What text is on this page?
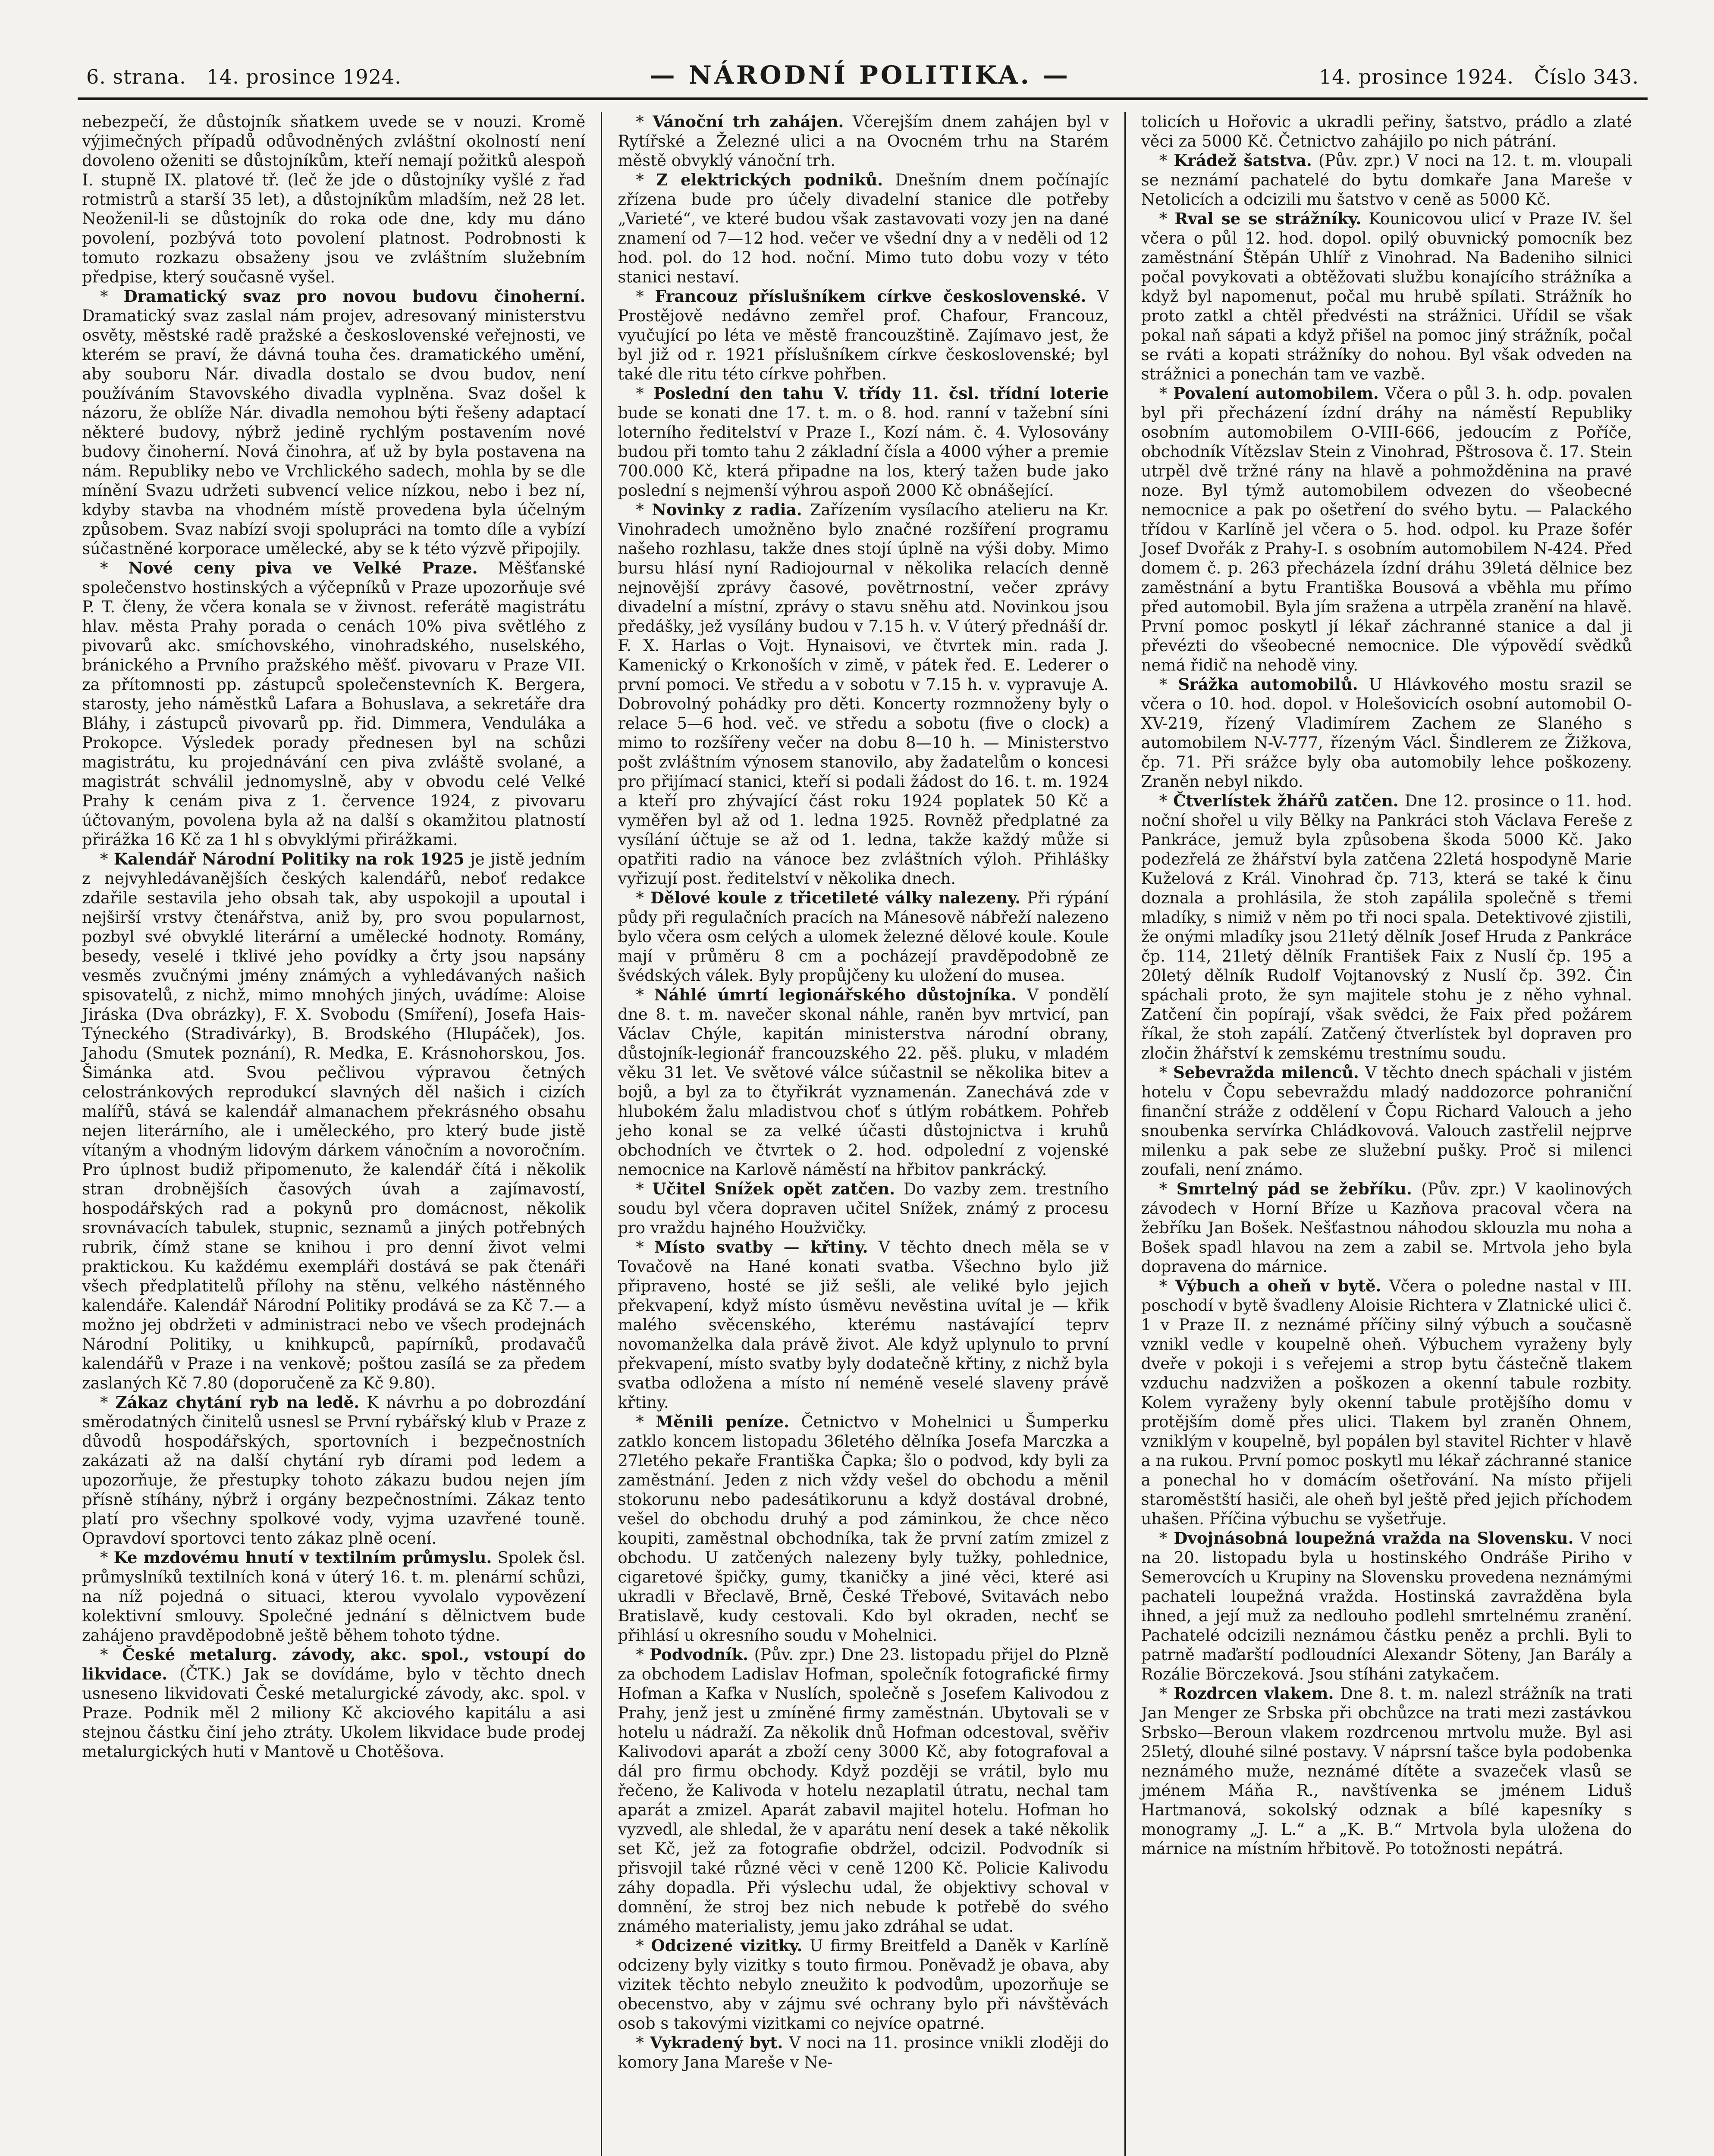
6. strana. 14. prosince 1924.	— NÁRODNÍ POLITIKA. —	14. prosince 1924. Číslo 343.

nebezpečí, že důstojník sňatkem uvede se v nouzi. Kromě výjimečných případů odůvodněných zvláštní okolností není dovoleno oženiti se důstojníkům, kteří nemají požitků alespoň I. stupně IX. platové tř. (leč že jde o důstojníky vyšlé z řad rotmistrů a starší 35 let), a důstojníkům mladším, než 28 let. Neoženil-li se důstojník do roka ode dne, kdy mu dáno povolení, pozbývá toto povolení platnost. Podrobnosti k tomuto rozkazu obsaženy jsou ve zvláštním služebním předpise, který současně vyšel.

* Dramatický svaz pro novou budovu činoherní. Dramatický svaz zaslal nám projev, adresovaný ministerstvu osvěty, městské radě pražské a československé veřejnosti, ve kterém se praví, že dávná touha čes. dramatického umění, aby souboru Nár. divadla dostalo se dvou budov, není používáním Stavovského divadla vyplněna. Svaz došel k názoru, že oblíže Nár. divadla nemohou býti řešeny adaptací některé budovy, nýbrž jedině rychlým postavením nové budovy činoherní. Nová činohra, ať už by byla postavena na nám. Republiky nebo ve Vrchlického sadech, mohla by se dle mínění Svazu udržeti subvencí velice nízkou, nebo i bez ní, kdyby stavba na vhodném místě provedena byla účelným způsobem. Svaz nabízí svoji spolupráci na tomto díle a vybízí súčastněné korporace umělecké, aby se k této výzvě připojily.

* Nové ceny piva ve Velké Praze. Měšťanské společenstvo hostinských a výčepníků v Praze upozorňuje své P. T. členy, že včera konala se v živnost. referátě magistrátu hlav. města Prahy porada o cenách 10% piva světlého z pivovarů akc. smíchovského, vinohradského, nuselského, bránického a Prvního pražského měšť. pivovaru v Praze VII. za přítomnosti pp. zástupců společenstevních K. Bergera, starosty, jeho náměstků Lafara a Bohuslava, a sekretáře dra Bláhy, i zástupců pivovarů pp. řid. Dimmera, Venduláka a Prokopce. Výsledek porady přednesen byl na schůzi magistrátu, ku projednávání cen piva zvláště svolané, a magistrát schválil jednomyslně, aby v obvodu celé Velké Prahy k cenám piva z 1. července 1924, z pivovaru účtovaným, povolena byla až na další s okamžitou platností přirážka 16 Kč za 1 hl s obvyklými přirážkami.

* Kalendář Národní Politiky na rok 1925 je jistě jedním z nejvyhledávanějších českých kalendářů, neboť redakce zdařile sestavila jeho obsah tak, aby uspokojil a upoutal i nejširší vrstvy čtenářstva, aniž by, pro svou popularnost, pozbyl své obvyklé literární a umělecké hodnoty. Romány, besedy, veselé i tklivé jeho povídky a črty jsou napsány vesměs zvučnými jmény známých a vyhledávaných našich spisovatelů, z nichž, mimo mnohých jiných, uvádíme: Aloise Jiráska (Dva obrázky), F. X. Svobodu (Smíření), Josefa Hais-Týneckého (Stradivárky), B. Brodského (Hlupáček), Jos. Jahodu (Smutek poznání), R. Medka, E. Krásnohorskou, Jos. Šimánka atd. Svou pečlivou výpravou četných celostránkových reprodukcí slavných děl našich i cizích malířů, stává se kalendář almanachem překrásného obsahu nejen literárního, ale i uměleckého, pro který bude jistě vítaným a vhodným lidovým dárkem vánočním a novoročním. Pro úplnost budiž připomenuto, že kalendář čítá i několik stran drobnějších časových úvah a zajímavostí, hospodářských rad a pokynů pro domácnost, několik srovnávacích tabulek, stupnic, seznamů a jiných potřebných rubrik, čímž stane se knihou i pro denní život velmi praktickou. Ku každému exempláři dostává se pak čtenáři všech předplatitelů přílohy na stěnu, velkého nástěnného kalendáře. Kalendář Národní Politiky prodává se za Kč 7.— a možno jej obdržeti v administraci nebo ve všech prodejnách Národní Politiky, u knihkupců, papírníků, prodavačů kalendářů v Praze i na venkově; poštou zasílá se za předem zaslaných Kč 7.80 (doporučeně za Kč 9.80).

* Zákaz chytání ryb na ledě. K návrhu a po dobrozdání směrodatných činitelů usnesl se První rybářský klub v Praze z důvodů hospodářských, sportovních i bezpečnostních zakázati až na další chytání ryb dírami pod ledem a upozorňuje, že přestupky tohoto zákazu budou nejen jím přísně stíhány, nýbrž i orgány bezpečnostními. Zákaz tento platí pro všechny spolkové vody, vyjma uzavřené touně. Opravdoví sportovci tento zákaz plně ocení.

* Ke mzdovému hnutí v textilním průmyslu. Spolek čsl. průmyslníků textilních koná v úterý 16. t. m. plenární schůzi, na níž pojedná o situaci, kterou vyvolalo vypovězení kolektivní smlouvy. Společné jednání s dělnictvem bude zahájeno pravděpodobně ještě během tohoto týdne.

* České metalurg. závody, akc. spol., vstoupí do likvidace. (ČTK.) Jak se dovídáme, bylo v těchto dnech usneseno likvidovati České metalurgické závody, akc. spol. v Praze. Podnik měl 2 miliony Kč akciového kapitálu a asi stejnou částku činí jeho ztráty. Ukolem likvidace bude prodej metalurgických huti v Mantově u Chotěšova.

* Vánoční trh zahájen. Včerejším dnem zahájen byl v Rytířské a Železné ulici a na Ovocném trhu na Starém městě obvyklý vánoční trh.

* Z elektrických podniků. Dnešním dnem počínajíc zřízena bude pro účely divadelní stanice dle potřeby „Varieté“, ve které budou však zastavovati vozy jen na dané znamení od 7—12 hod. večer ve všední dny a v neděli od 12 hod. pol. do 12 hod. noční. Mimo tuto dobu vozy v této stanici nestaví.

* Francouz příslušníkem církve československé. V Prostějově nedávno zemřel prof. Chafour, Francouz, vyučující po léta ve městě francouzštině. Zajímavo jest, že byl již od r. 1921 příslušníkem církve československé; byl také dle ritu této církve pohřben.

* Poslední den tahu V. třídy 11. čsl. třídní loterie bude se konati dne 17. t. m. o 8. hod. ranní v tažební síni loterního ředitelství v Praze I., Kozí nám. č. 4. Vylosovány budou při tomto tahu 2 základní čísla a 4000 výher a premie 700.000 Kč, která připadne na los, který tažen bude jako poslední s nejmenší výhrou aspoň 2000 Kč obnášející.

* Novinky z radia. Zařízením vysílacího atelieru na Kr. Vinohradech umožněno bylo značné rozšíření programu našeho rozhlasu, takže dnes stojí úplně na výši doby. Mimo bursu hlásí nyní Radiojournal v několika relacích denně nejnovější zprávy časové, povětrnostní, večer zprávy divadelní a místní, zprávy o stavu sněhu atd. Novinkou jsou předášky, jež vysílány budou v 7.15 h. v. V úterý přednáší dr. F. X. Harlas o Vojt. Hynaisovi, ve čtvrtek min. rada J. Kamenický o Krkonoších v zimě, v pátek řed. E. Lederer o první pomoci. Ve středu a v sobotu v 7.15 h. v. vypravuje A. Dobrovolný pohádky pro děti. Koncerty rozmnoženy byly o relace 5—6 hod. več. ve středu a sobotu (five o clock) a mimo to rozšířeny večer na dobu 8—10 h. — Ministerstvo pošt zvláštním výnosem stanovilo, aby žadatelům o koncesi pro přijímací stanici, kteří si podali žádost do 16. t. m. 1924 a kteří pro zhývající část roku 1924 poplatek 50 Kč a vyměřen byl až od 1. ledna 1925. Rovněž předplatné za vysílání účtuje se až od 1. ledna, takže každý může si opatřiti radio na vánoce bez zvláštních výloh. Přihlášky vyřizují post. ředitelství v několika dnech.

* Dělové koule z třicetileté války nalezeny. Při rýpání půdy při regulačních pracích na Mánesově nábřeží nalezeno bylo včera osm celých a ulomek železné dělové koule. Koule mají v průměru 8 cm a pocházejí pravděpodobně ze švédských válek. Byly propůjčeny ku uložení do musea.

* Náhlé úmrtí legionářského důstojníka. V pondělí dne 8. t. m. navečer skonal náhle, raněn byv mrtvicí, pan Václav Chýle, kapitán ministerstva národní obrany, důstojník-legionář francouzského 22. pěš. pluku, v mladém věku 31 let. Ve světové válce súčastnil se několika bitev a bojů, a byl za to čtyřikrát vyznamenán. Zanechává zde v hlubokém žalu mladistvou choť s útlým robátkem. Pohřeb jeho konal se za velké účasti důstojnictva i kruhů obchodních ve čtvrtek o 2. hod. odpolední z vojenské nemocnice na Karlově náměstí na hřbitov pankrácký.

* Učitel Snížek opět zatčen. Do vazby zem. trestního soudu byl včera dopraven učitel Snížek, známý z procesu pro vraždu hajného Houžvičky.

* Místo svatby — křtiny. V těchto dnech měla se v Tovačově na Hané konati svatba. Všechno bylo již připraveno, hosté se již sešli, ale veliké bylo jejich překvapení, když místo úsměvu nevěstina uvítal je — křik malého svěcenského, kterému nastávající teprv novomanželka dala právě život. Ale když uplynulo to první překvapení, místo svatby byly dodatečně křtiny, z nichž byla svatba odložena a místo ní neméně veselé slaveny právě křtiny.

* Měnili peníze. Četnictvo v Mohelnici u Šumperku zatklo koncem listopadu 36letého dělníka Josefa Marczka a 27letého pekaře Františka Čapka; šlo o podvod, kdy byli za zaměstnání. Jeden z nich vždy vešel do obchodu a měnil stokorunu nebo padesátikorunu a když dostával drobné, vešel do obchodu druhý a pod záminkou, že chce něco koupiti, zaměstnal obchodníka, tak že první zatím zmizel z obchodu. U zatčených nalezeny byly tužky, pohlednice, cigaretové špičky, gumy, tkaničky a jiné věci, které asi ukradli v Břeclavě, Brně, České Třebové, Svitavách nebo Bratislavě, kudy cestovali. Kdo byl okraden, nechť se přihlásí u okresního soudu v Mohelnici.

* Podvodník. (Pův. zpr.) Dne 23. listopadu přijel do Plzně za obchodem Ladislav Hofman, společník fotografické firmy Hofman a Kafka v Nuslích, společně s Josefem Kalivodou z Prahy, jenž jest u zmíněné firmy zaměstnán. Ubytovali se v hotelu u nádraží. Za několik dnů Hofman odcestoval, svěřiv Kalivodovi aparát a zboží ceny 3000 Kč, aby fotografoval a dál pro firmu obchody. Když později se vrátil, bylo mu řečeno, že Kalivoda v hotelu nezaplatil útratu, nechal tam aparát a zmizel. Aparát zabavil majitel hotelu. Hofman ho vyzvedl, ale shledal, že v aparátu není desek a také několik set Kč, jež za fotografie obdržel, odcizil. Podvodník si přisvojil také různé věci v ceně 1200 Kč. Policie Kalivodu záhy dopadla. Při výslechu udal, že objektivy schoval v domnění, že stroj bez nich nebude k potřebě do svého známého materialisty, jemu jako zdráhal se udat.

* Odcizené vizitky. U firmy Breitfeld a Daněk v Karlíně odcizeny byly vizitky s touto firmou. Poněvadž je obava, aby vizitek těchto nebylo zneužito k podvodům, upozorňuje se obecenstvo, aby v zájmu své ochrany bylo při návštěvách osob s takovými vizitkami co nejvíce opatrné.

* Vykradený byt. V noci na 11. prosince vnikli zloději do komory Jana Mareše v Ne-

tolicích u Hořovic a ukradli peřiny, šatstvo, prádlo a zlaté věci za 5000 Kč. Četnictvo zahájilo po nich pátrání.

* Krádež šatstva. (Pův. zpr.) V noci na 12. t. m. vloupali se neznámí pachatelé do bytu domkaře Jana Mareše v Netolicích a odcizili mu šatstvo v ceně as 5000 Kč.

* Rval se se strážníky. Kounicovou ulicí v Praze IV. šel včera o půl 12. hod. dopol. opilý obuvnický pomocník bez zaměstnání Štěpán Uhlíř z Vinohrad. Na Badeniho silnici počal povykovati a obtěžovati službu konajícího strážníka a když byl napomenut, počal mu hrubě spílati. Strážník ho proto zatkl a chtěl předvésti na strážnici. Uřídil se však pokal naň sápati a když přišel na pomoc jiný strážník, počal se rváti a kopati strážníky do nohou. Byl však odveden na strážnici a ponechán tam ve vazbě.

* Povalení automobilem. Včera o půl 3. h. odp. povalen byl při přecházení ízdní dráhy na náměstí Republiky osobním automobilem O-VIII-666, jedoucím z Poříče, obchodník Vítězslav Stein z Vinohrad, Pštrosova č. 17. Stein utrpěl dvě tržné rány na hlavě a pohmožděnina na pravé noze. Byl týmž automobilem odvezen do všeobecné nemocnice a pak po ošetření do svého bytu. — Palackého třídou v Karlíně jel včera o 5. hod. odpol. ku Praze šofér Josef Dvořák z Prahy-I. s osobním automobilem N-424. Před domem č. p. 263 přecházela ízdní dráhu 39letá dělnice bez zaměstnání a bytu Františka Bousová a vběhla mu přímo před automobil. Byla jím sražena a utrpěla zranění na hlavě. První pomoc poskytl jí lékař záchranné stanice a dal ji převézti do všeobecné nemocnice. Dle výpovědí svědků nemá řidič na nehodě viny.

* Srážka automobilů. U Hlávkového mostu srazil se včera o 10. hod. dopol. v Holešovicích osobní automobil O-XV-219, řízený Vladimírem Zachem ze Slaného s automobilem N-V-777, řízeným Václ. Šindlerem ze Žižkova, čp. 71. Při srážce byly oba automobily lehce poškozeny. Zraněn nebyl nikdo.

* Čtverlístek žhářů zatčen. Dne 12. prosince o 11. hod. noční shořel u vily Bělky na Pankráci stoh Václava Fereše z Pankráce, jemuž byla způsobena škoda 5000 Kč. Jako podezřelá ze žhářství byla zatčena 22letá hospodyně Marie Kuželová z Král. Vinohrad čp. 713, která se také k činu doznala a prohlásila, že stoh zapálila společně s třemi mladíky, s nimiž v něm po tři noci spala. Detektivové zjistili, že onými mladíky jsou 21letý dělník Josef Hruda z Pankráce čp. 114, 21letý dělník František Faix z Nuslí čp. 195 a 20letý dělník Rudolf Vojtanovský z Nuslí čp. 392. Čin spáchali proto, že syn majitele stohu je z něho vyhnal. Zatčení čin popírají, však svědci, že Faix před požárem říkal, že stoh zapálí. Zatčený čtverlístek byl dopraven pro zločin žhářství k zemskému trestnímu soudu.

* Sebevražda milenců. V těchto dnech spáchali v jistém hotelu v Čopu sebevraždu mladý naddozorce pohraniční finanční stráže z oddělení v Čopu Richard Valouch a jeho snoubenka servírka Chládkovová. Valouch zastřelil nejprve milenku a pak sebe ze služební pušky. Proč si milenci zoufali, není známo.

* Smrtelný pád se žebříku. (Pův. zpr.) V kaolinových závodech v Horní Bříze u Kazňova pracoval včera na žebříku Jan Bošek. Nešťastnou náhodou sklouzla mu noha a Bošek spadl hlavou na zem a zabil se. Mrtvola jeho byla dopravena do márnice.

* Výbuch a oheň v bytě. Včera o poledne nastal v III. poschodí v bytě švadleny Aloisie Richtera v Zlatnické ulici č. 1 v Praze II. z neznámé příčiny silný výbuch a současně vznikl vedle v koupelně oheň. Výbuchem vyraženy byly dveře v pokoji i s veřejemi a strop bytu částečně tlakem vzduchu nadzvižen a poškozen a okenní tabule rozbity. Kolem vyraženy byly okenní tabule protějšího domu v protějším domě přes ulici. Tlakem byl zraněn Ohnem, vzniklým v koupelně, byl popálen byl stavitel Richter v hlavě a na rukou. První pomoc poskytl mu lékař záchranné stanice a ponechal ho v domácím ošetřování. Na místo přijeli staroměstští hasiči, ale oheň byl ještě před jejich příchodem uhašen. Příčina výbuchu se vyšetřuje.

* Dvojnásobná loupežná vražda na Slovensku. V noci na 20. listopadu byla u hostinského Ondráše Piriho v Semerovcích u Krupiny na Slovensku provedena neznámými pachateli loupežná vražda. Hostinská zavražděna byla ihned, a její muž za nedlouho podlehl smrtelnému zranění. Pachatelé odcizili neznámou částku peněz a prchli. Byli to patrně maďarští podloudníci Alexandr Söteny, Jan Barály a Rozálie Börczeková. Jsou stíháni zatykačem.

* Rozdrcen vlakem. Dne 8. t. m. nalezl strážník na trati Jan Menger ze Srbska při obchůzce na trati mezi zastávkou Srbsko—Beroun vlakem rozdrcenou mrtvolu muže. Byl asi 25letý, dlouhé silné postavy. V náprsní tašce byla podobenka neznámého muže, neznámé dítěte a svazeček vlasů se jménem Máňa R., navštívenka se jménem Liduš Hartmanová, sokolský odznak a bílé kapesníky s monogramy „J. L.“ a „K. B.“ Mrtvola byla uložena do márnice na místním hřbitově. Po totožnosti nepátrá.
